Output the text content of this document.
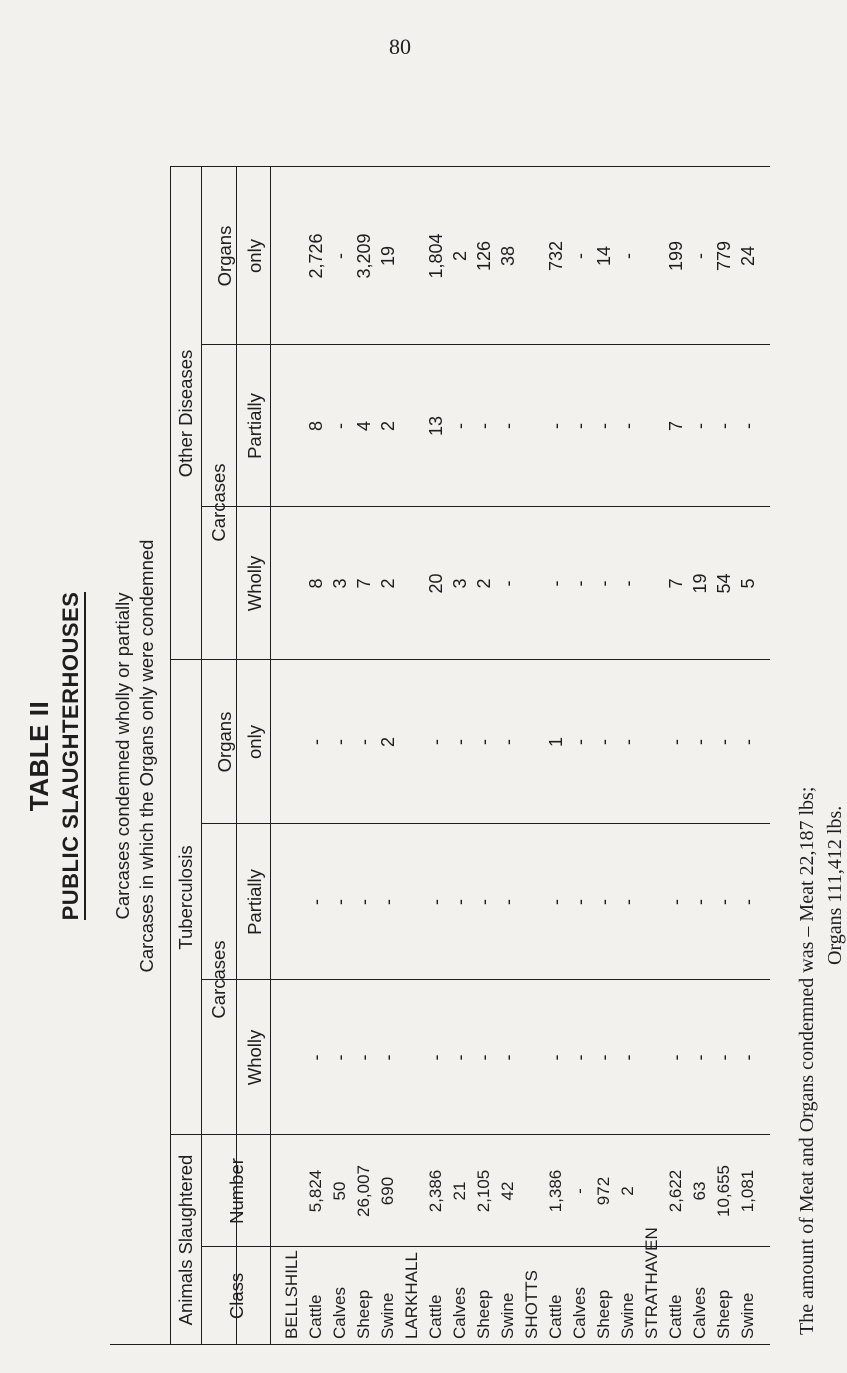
80
TABLE II PUBLIC SLAUGHTERHOUSES Carcases condemned wholly or partially Carcases in which the Organs only were condemned
Animals Slaughtered Class
Number
Tuberculosis
Other Diseases
Carcases
Carcases
Wholly
Partially
Organs only
Wholly
Partially
Organs only
BELLSHILL Cattle Calves Sheep Swine LARKHALL Cattle Calves Sheep Swine SHOTTS Cattle Calves Sheep Swine STRATHAVEN Cattle Calves Sheep Swine
5,824 50 26,007 690 2,386 21 2,105 42 1,386 - 972 2 2,622 63 10,655 1,081
- - - - - - - - - - - - - - - -
- - - - - - - - - - - - - - - -
- - - 2 - - - - 1 - - - - - - -
8 3 7 2 20 3 2 - - - - - 7 19 54 5
8 - 4 2 13 - - - - - - - 7 - - -
2,726 - 3,209 19 1,804 2 126 38 732 - 14 - 199 - 779 24
The amount of Meat and Organs condemned was – Meat 22,187 lbs; Organs 111,412 lbs.
